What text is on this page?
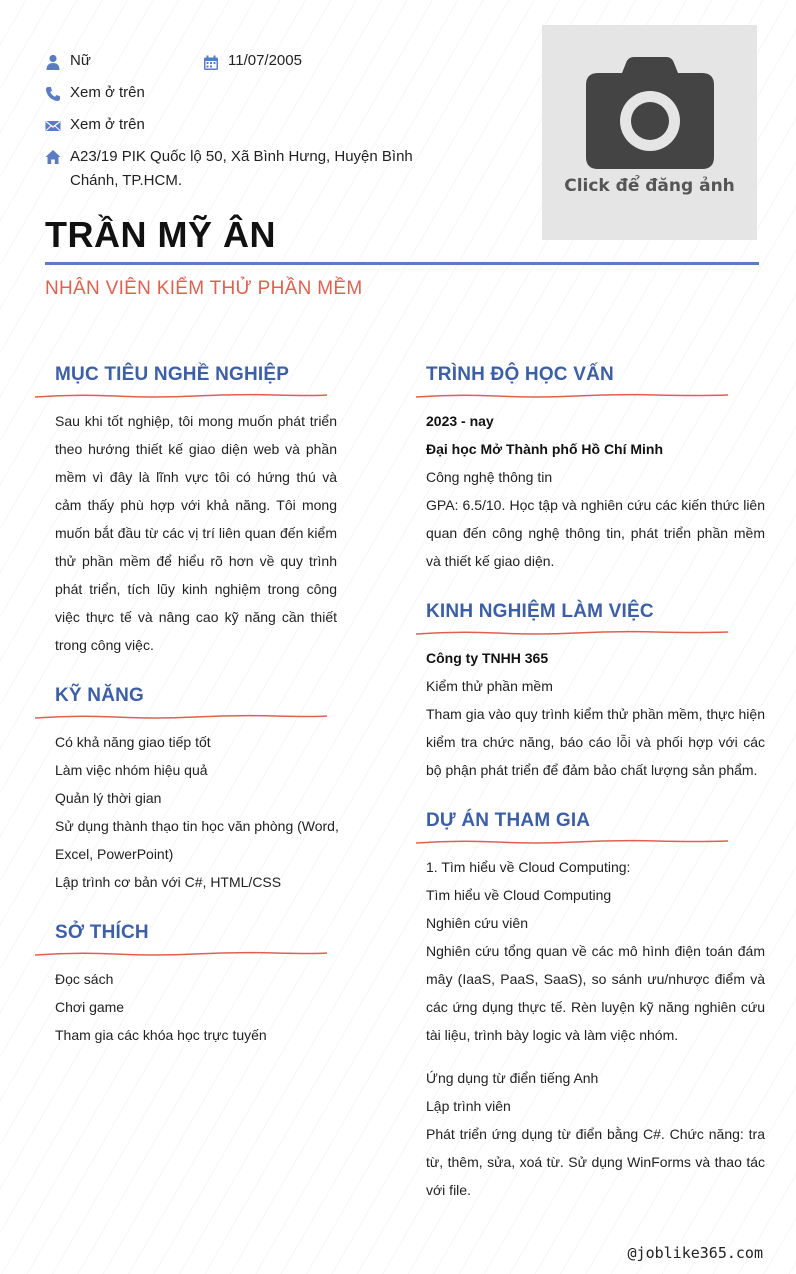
Nữ	11/07/2005
Xem ở trên
Xem ở trên
A23/19 PIK Quốc lộ 50, Xã Bình Hưng, Huyện Bình
Chánh, TP.HCM.	Click để đăng ảnh
TRẦN MỸ ÂN
NHÂN VIÊN KIỂM THỬ PHẦN MỀM
MỤC TIÊU NGHỀ NGHIỆP
Sau khi tốt nghiệp, tôi mong muốn phát triển theo hướng thiết kế giao diện web và phần mềm vì đây là lĩnh vực tôi có hứng thú và cảm thấy phù hợp với khả năng. Tôi mong muốn bắt đầu từ các vị trí liên quan đến kiểm thử phần mềm để hiểu rõ hơn về quy trình phát triển, tích lũy kinh nghiệm trong công việc thực tế và nâng cao kỹ năng cần thiết trong công việc.
KỸ NĂNG
Có khả năng giao tiếp tốt
Làm việc nhóm hiệu quả
Quản lý thời gian
Sử dụng thành thạo tin học văn phòng (Word,
Excel, PowerPoint)
Lập trình cơ bản với C#, HTML/CSS
SỞ THÍCH
Đọc sách
Chơi game
Tham gia các khóa học trực tuyến
TRÌNH ĐỘ HỌC VẤN
2023 - nay
Đại học Mở Thành phố Hồ Chí Minh
Công nghệ thông tin
GPA: 6.5/10. Học tập và nghiên cứu các kiến thức liên quan đến công nghệ thông tin, phát triển phần mềm và thiết kế giao diện.
KINH NGHIỆM LÀM VIỆC
Công ty TNHH 365
Kiểm thử phần mềm
Tham gia vào quy trình kiểm thử phần mềm, thực hiện kiểm tra chức năng, báo cáo lỗi và phối hợp với các bộ phận phát triển để đảm bảo chất lượng sản phẩm.
DỰ ÁN THAM GIA
1. Tìm hiểu về Cloud Computing:
Tìm hiểu về Cloud Computing
Nghiên cứu viên
Nghiên cứu tổng quan về các mô hình điện toán đám mây (IaaS, PaaS, SaaS), so sánh ưu/nhược điểm và các ứng dụng thực tế. Rèn luyện kỹ năng nghiên cứu tài liệu, trình bày logic và làm việc nhóm.
Ứng dụng từ điển tiếng Anh
Lập trình viên
Phát triển ứng dụng từ điển bằng C#. Chức năng: tra từ, thêm, sửa, xoá từ. Sử dụng WinForms và thao tác với file.
@joblike365.com
